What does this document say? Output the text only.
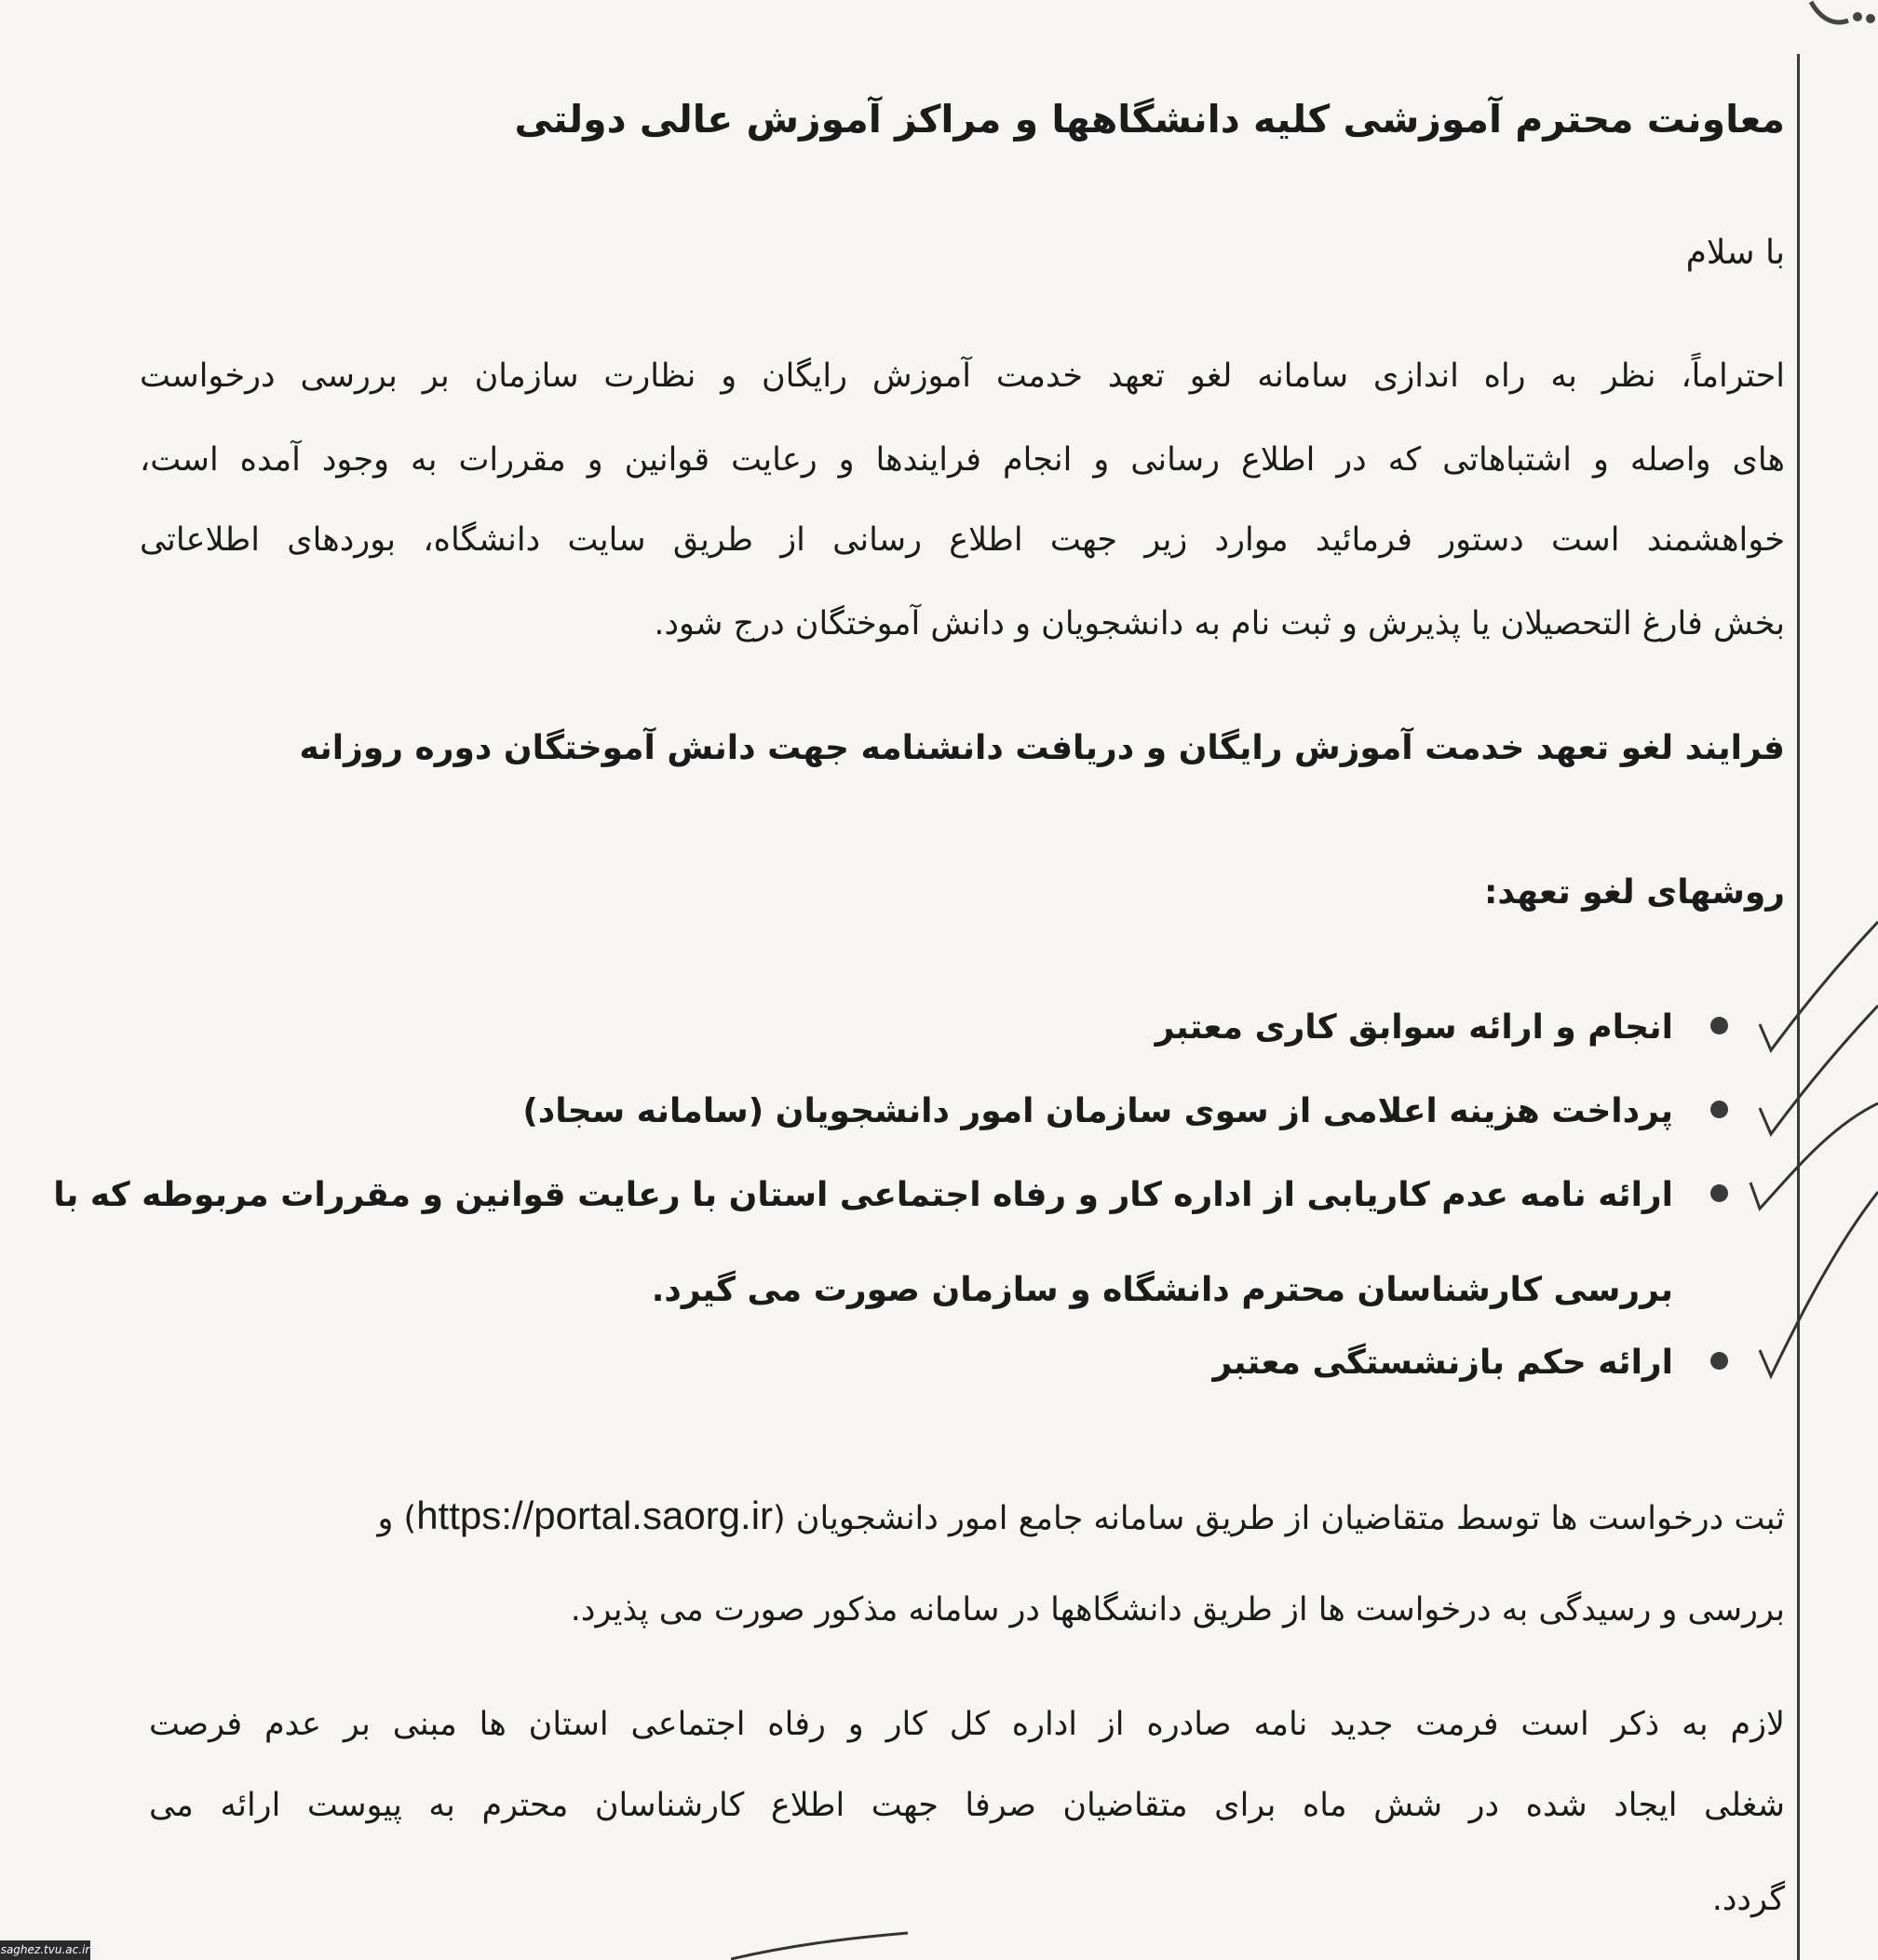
معاونت محترم آموزشی کلیه دانشگاهها و مراکز آموزش عالی دولتی
با سلام
احتراماً، نظر به راه اندازی سامانه لغو تعهد خدمت آموزش رایگان و نظارت سازمان بر بررسی درخواست
های واصله و اشتباهاتی که در اطلاع رسانی و انجام فرایندها و رعایت قوانین و مقررات به وجود آمده است،
خواهشمند است دستور فرمائید موارد زیر جهت اطلاع رسانی از طریق سایت دانشگاه، بوردهای اطلاعاتی
بخش فارغ التحصیلان یا پذیرش و ثبت نام به دانشجویان و دانش آموختگان درج شود.
فرایند لغو تعهد خدمت آموزش رایگان و دریافت دانشنامه جهت دانش آموختگان دوره روزانه
روشهای لغو تعهد:
انجام و ارائه سوابق کاری معتبر
پرداخت هزینه اعلامی از سوی سازمان امور دانشجویان (سامانه سجاد)
ارائه نامه عدم کاریابی از اداره کار و رفاه اجتماعی استان با رعایت قوانین و مقررات مربوطه که با
بررسی کارشناسان محترم دانشگاه و سازمان صورت می گیرد.
ارائه حکم بازنشستگی معتبر
ثبت درخواست ها توسط متقاضیان از طریق سامانه جامع امور دانشجویان (https://portal.saorg.ir) و
بررسی و رسیدگی به درخواست ها از طریق دانشگاهها در سامانه مذکور صورت می پذیرد.
لازم به ذکر است فرمت جدید نامه صادره از اداره کل کار و رفاه اجتماعی استان ها مبنی بر عدم فرصت
شغلی ایجاد شده در شش ماه برای متقاضیان صرفا جهت اطلاع کارشناسان محترم به پیوست ارائه می
گردد.
saghez.tvu.ac.ir
